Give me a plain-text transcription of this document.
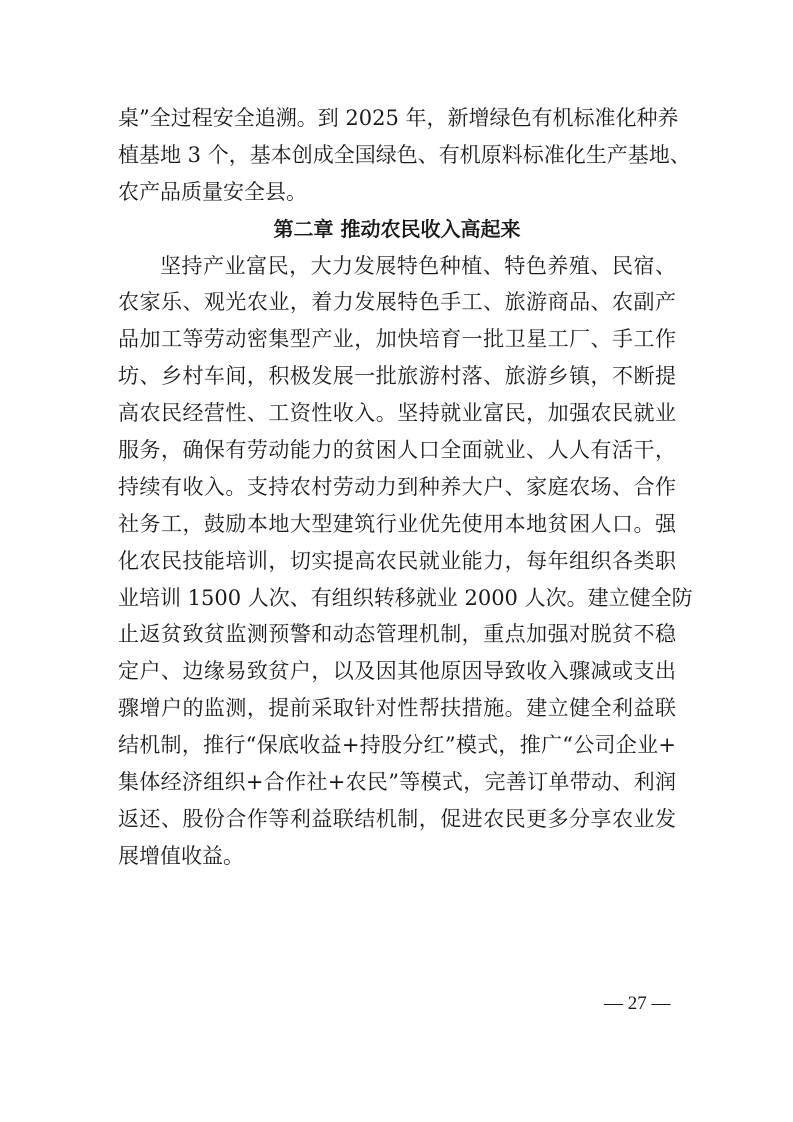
桌”全过程安全追溯。到 2025 年，新增绿色有机标准化种养
植基地 3 个，基本创成全国绿色、有机原料标准化生产基地、
农产品质量安全县。
第二章 推动农民收入高起来
坚持产业富民，大力发展特色种植、特色养殖、民宿、
农家乐、观光农业，着力发展特色手工、旅游商品、农副产
品加工等劳动密集型产业，加快培育一批卫星工厂、手工作
坊、乡村车间，积极发展一批旅游村落、旅游乡镇，不断提
高农民经营性、工资性收入。坚持就业富民，加强农民就业
服务，确保有劳动能力的贫困人口全面就业、人人有活干，
持续有收入。支持农村劳动力到种养大户、家庭农场、合作
社务工，鼓励本地大型建筑行业优先使用本地贫困人口。强
化农民技能培训，切实提高农民就业能力，每年组织各类职
业培训 1500 人次、有组织转移就业 2000 人次。建立健全防
止返贫致贫监测预警和动态管理机制，重点加强对脱贫不稳
定户、边缘易致贫户，以及因其他原因导致收入骤减或支出
骤增户的监测，提前采取针对性帮扶措施。建立健全利益联
结机制，推行“保底收益+持股分红”模式，推广“公司企业+
集体经济组织+合作社+农民”等模式，完善订单带动、利润
返还、股份合作等利益联结机制，促进农民更多分享农业发
展增值收益。
— 27 —
